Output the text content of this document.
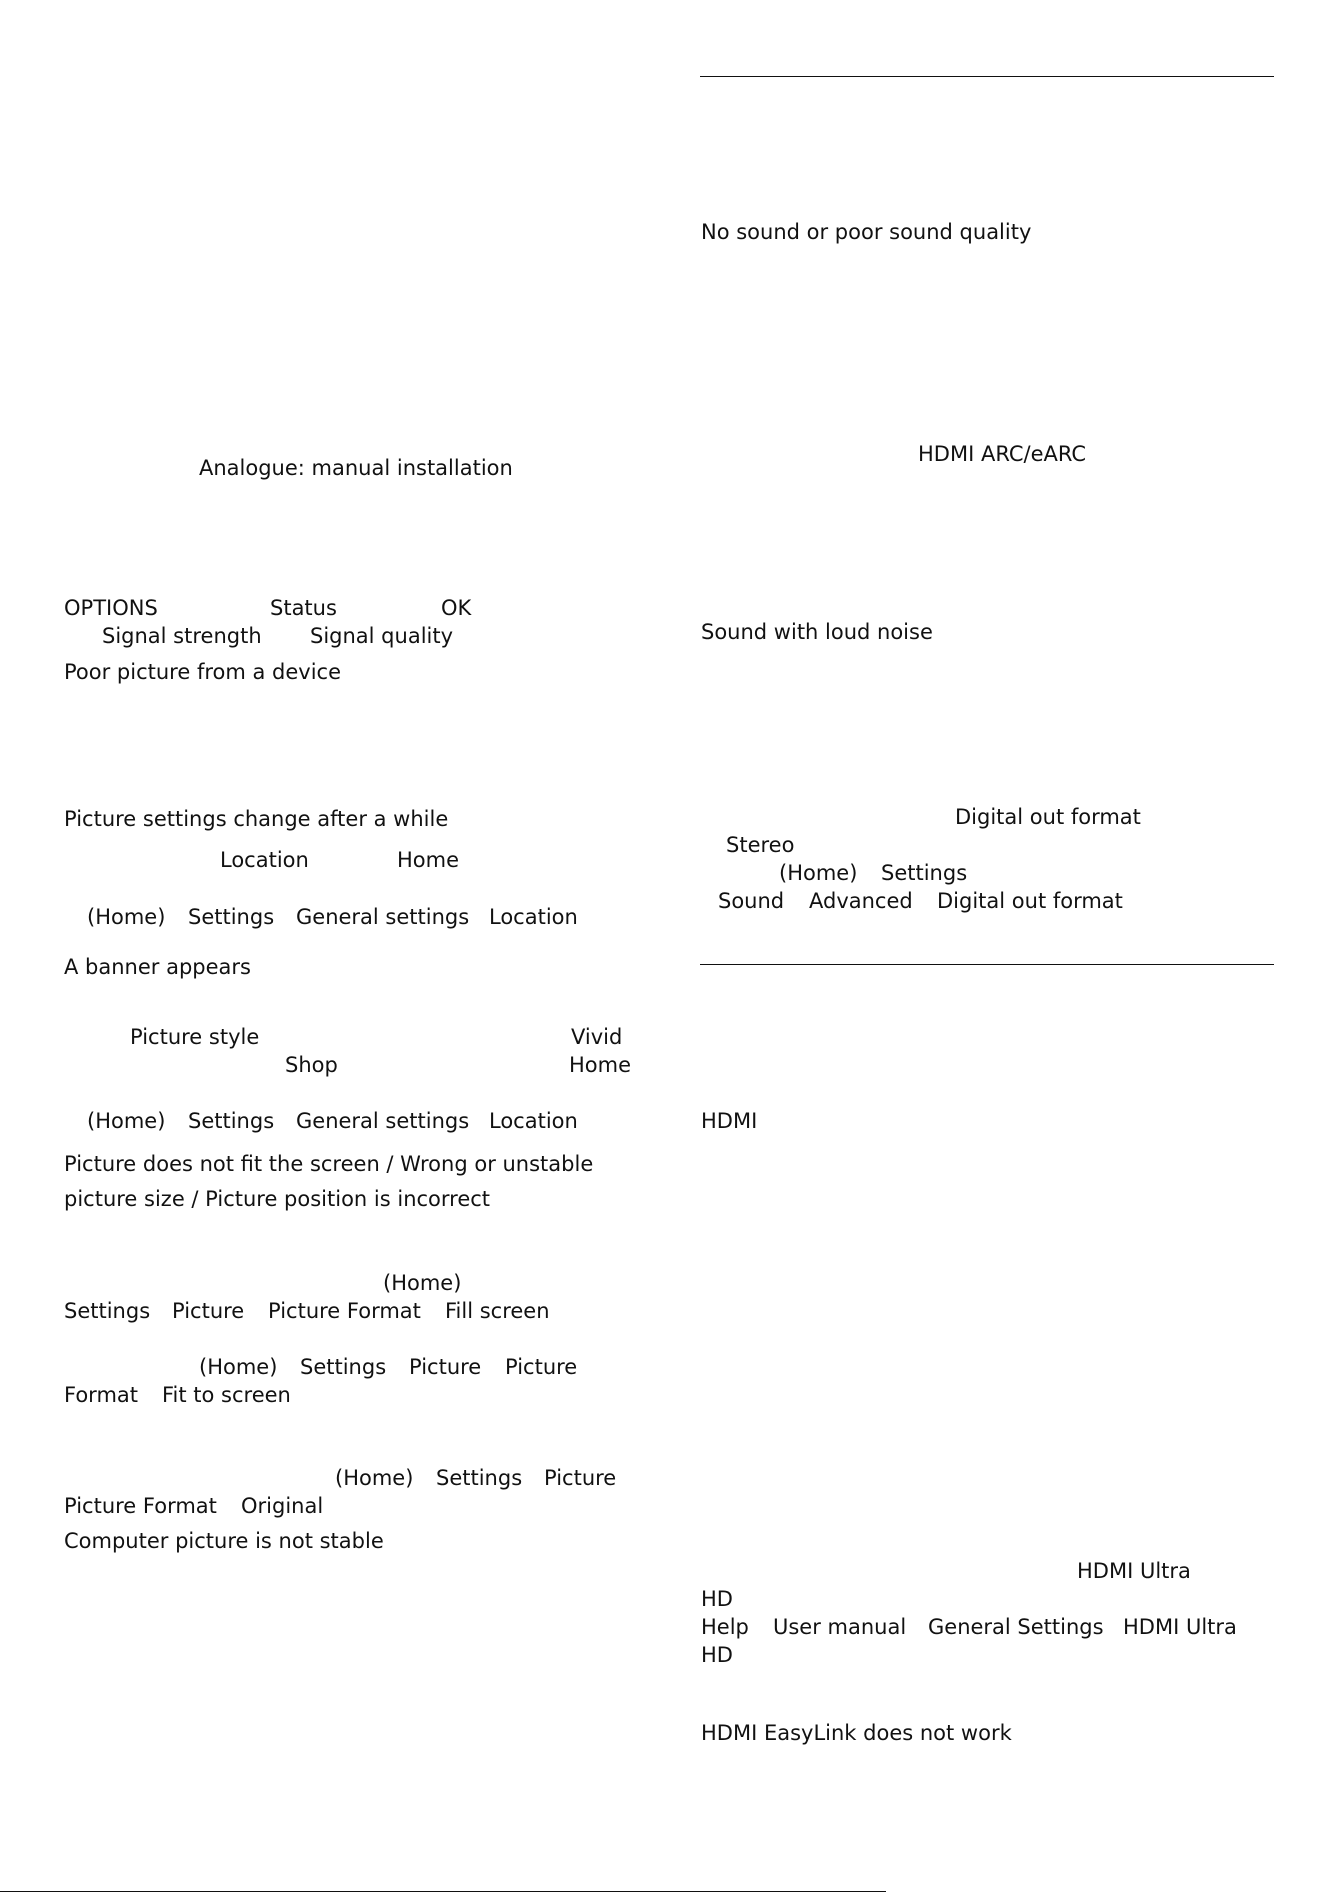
Analogue: manual installation
OPTIONS	Status	OK
Signal strength Signal quality
Poor picture from a device
Picture settings change after a while
Location	Home
(Home) Settings General settings Location
A banner appears
Picture style	Vivid
Shop	Home
(Home) Settings General settings Location
Picture does not fit the screen / Wrong or unstable
picture size / Picture position is incorrect
(Home)
Settings Picture Picture Format Fill screen
(Home) Settings Picture Picture
Format Fit to screen
(Home) Settings Picture
Picture Format Original
Computer picture is not stable
No sound or poor sound quality
HDMI ARC/eARC
Sound with loud noise
Digital out format
Stereo
(Home) Settings
Sound Advanced Digital out format
HDMI
HDMI Ultra
HD
Help User manual General Settings HDMI Ultra
HD
HDMI EasyLink does not work
